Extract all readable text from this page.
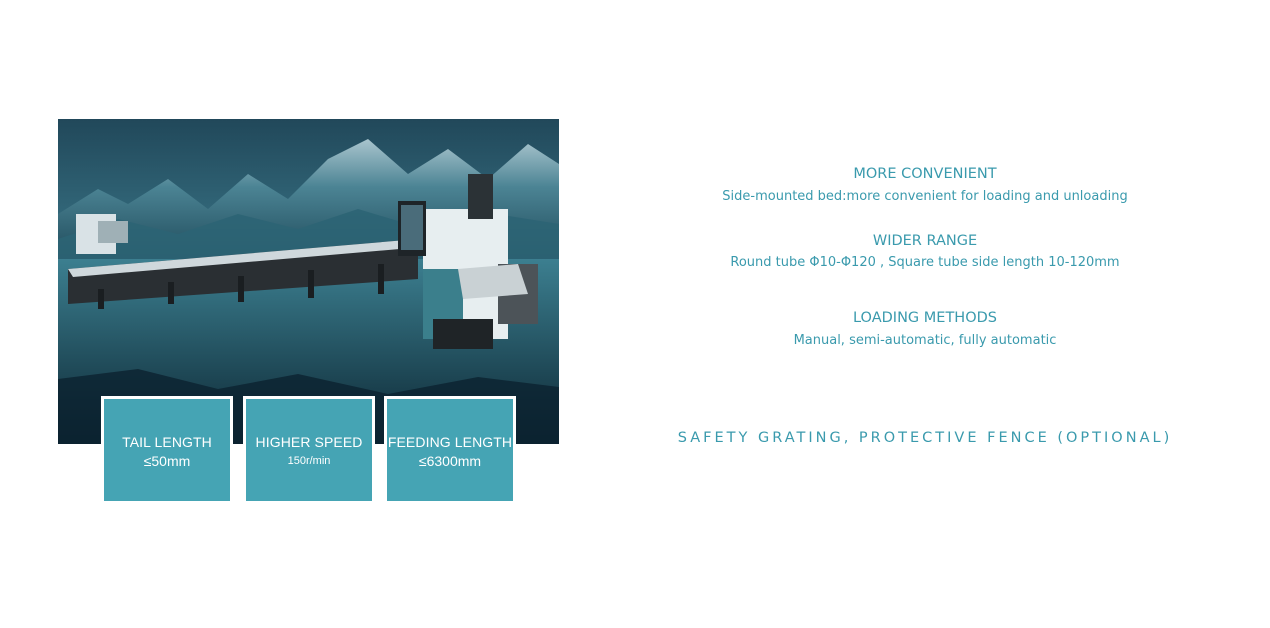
TAIL LENGTH
≤50mm
HIGHER SPEED
150r/min
FEEDING LENGTH
≤6300mm
MORE CONVENIENT
Side-mounted bed:more convenient for loading and unloading
WIDER RANGE
Round tube Φ10-Φ120 , Square tube side length 10-120mm
LOADING METHODS
Manual, semi-automatic, fully automatic
SAFETY GRATING, PROTECTIVE FENCE (OPTIONAL)
